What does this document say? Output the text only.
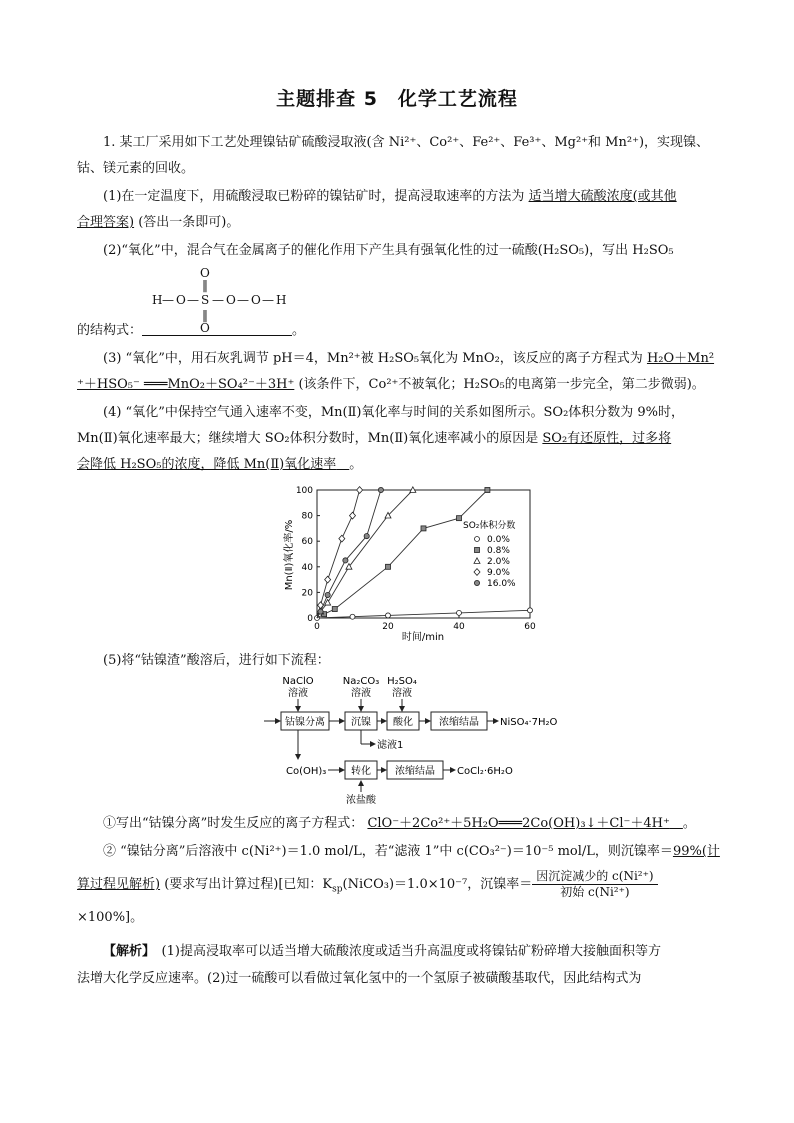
主题排查 5　化学工艺流程
1. 某工厂采用如下工艺处理镍钴矿硫酸浸取液(含 Ni²⁺、Co²⁺、Fe²⁺、Fe³⁺、Mg²⁺和 Mn²⁺)，实现镍、
钴、镁元素的回收。
(1)在一定温度下，用硫酸浸取已粉碎的镍钴矿时，提高浸取速率的方法为 适当增大硫酸浓度(或其他
合理答案) (答出一条即可)。
(2)“氧化”中，混合气在金属离子的催化作用下产生具有强氧化性的过一硫酸(H₂SO₅)，写出 H₂SO₅
O
‖
H — O — S — O — O — H
‖
O
的结构式：	。
(3) “氧化”中，用石灰乳调节 pH＝4，Mn²⁺被 H₂SO₅氧化为 MnO₂，该反应的离子方程式为 H₂O＋Mn²
⁺＋HSO₅⁻ ═══MnO₂＋SO₄²⁻＋3H⁺ (该条件下，Co²⁺不被氧化；H₂SO₅的电离第一步完全，第二步微弱)。
(4) “氧化”中保持空气通入速率不变，Mn(Ⅱ)氧化率与时间的关系如图所示。SO₂体积分数为 9%时，
Mn(Ⅱ)氧化速率最大；继续增大 SO₂体积分数时，Mn(Ⅱ)氧化速率减小的原因是 SO₂有还原性，过多将
会降低 H₂SO₅的浓度，降低 Mn(Ⅱ)氧化速率　 。
Mn(Ⅱ)氧化率/%
0	20	40	60
0
20
40
60
80
100
SO₂体积分数
0.0%
0.8%
2.0%
9.0%
16.0%
时间/min
(5)将“钴镍渣”酸溶后，进行如下流程：
NaClO
溶液
Na₂CO₃
溶液
H₂SO₄
溶液
钴镍分离	沉镍 酸化	浓缩结晶 NiSO₄·7H₂O
滤液1
Co(OH)₃ 转化 浓缩结晶 CoCl₂·6H₂O
浓盐酸
①写出“钴镍分离”时发生反应的离子方程式： ClO⁻＋2Co²⁺＋5H₂O═══2Co(OH)₃↓＋Cl⁻＋4H⁺　 。
② “镍钴分离”后溶液中 c(Ni²⁺)＝1.0 mol/L，若“滤液 1”中 c(CO₃²⁻)＝10⁻⁵ mol/L，则沉镍率＝99%(计
算过程见解析) (要求写出计算过程)[已知：$K_{sp}(NiCO_3)=1.0\times 10^{-7}$，沉镍率＝ $\frac{\text{因沉淀减少的 c(Ni²⁺)}}{\text{初始 c(Ni²⁺)}}$
×100%]。
【解析】　 (1)提高浸取率可以适当增大硫酸浓度或适当升高温度或将镍钴矿粉碎增大接触面积等方
法增大化学反应速率。(2)过一硫酸可以看做过氧化氢中的一个氢原子被磺酸基取代，因此结构式为
